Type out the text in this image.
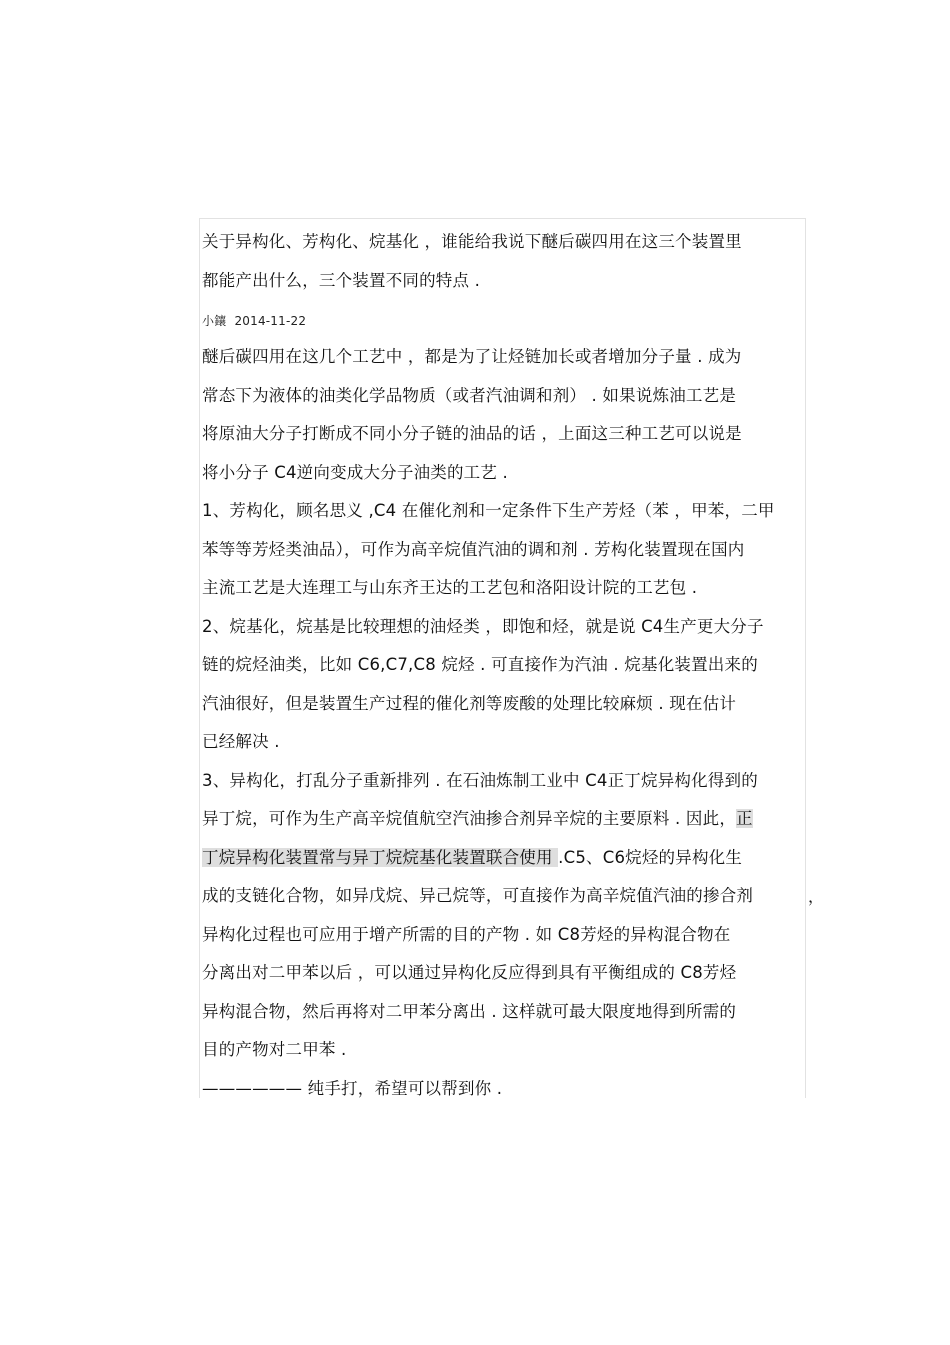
关于异构化、芳构化、烷基化 ，谁能给我说下醚后碳四用在这三个装置里
都能产出什么，三个装置不同的特点 .
小鑲 2014-11-22
醚后碳四用在这几个工艺中 ，都是为了让烃链加长或者增加分子量 . 成为
常态下为液体的油类化学品物质（或者汽油调和剂） . 如果说炼油工艺是
将原油大分子打断成不同小分子链的油品的话 ，上面这三种工艺可以说是
将小分子 C4逆向变成大分子油类的工艺 .
1、芳构化，顾名思义 ,C4 在催化剂和一定条件下生产芳烃（苯 ，甲苯，二甲
苯等等芳烃类油品），可作为高辛烷值汽油的调和剂 . 芳构化装置现在国内
主流工艺是大连理工与山东齐王达的工艺包和洛阳设计院的工艺包 .
2、烷基化，烷基是比较理想的油烃类 ，即饱和烃，就是说 C4生产更大分子
链的烷烃油类，比如 C6,C7,C8 烷烃 . 可直接作为汽油 . 烷基化装置出来的
汽油很好，但是装置生产过程的催化剂等废酸的处理比较麻烦 . 现在估计
已经解决 .
3、异构化，打乱分子重新排列 . 在石油炼制工业中 C4正丁烷异构化得到的
异丁烷，可作为生产高辛烷值航空汽油掺合剂异辛烷的主要原料 . 因此，正
丁烷异构化装置常与异丁烷烷基化装置联合使用 .C5、C6烷烃的异构化生
成的支链化合物，如异戊烷、异己烷等，可直接作为高辛烷值汽油的掺合剂	，
异构化过程也可应用于增产所需的目的产物 . 如 C8芳烃的异构混合物在
分离出对二甲苯以后 ，可以通过异构化反应得到具有平衡组成的 C8芳烃
异构混合物，然后再将对二甲苯分离出 . 这样就可最大限度地得到所需的
目的产物对二甲苯 .
—————— 纯手打，希望可以帮到你 .
